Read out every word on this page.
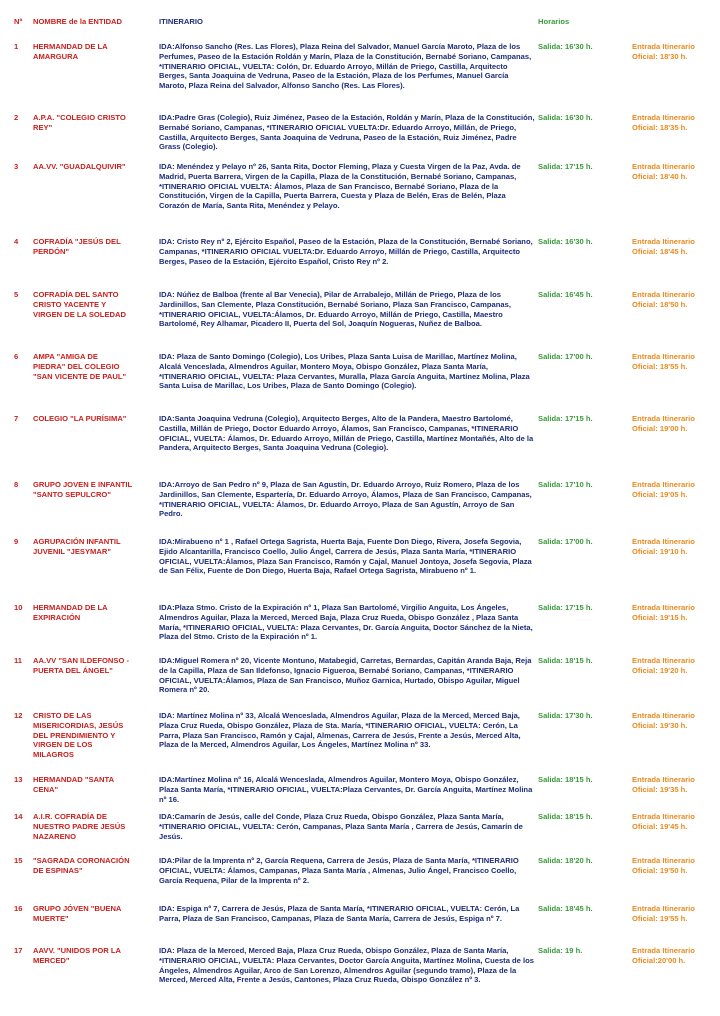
Nº NOMBRE de la ENTIDAD	ITINERARIO	Horarios
1	HERMANDAD DE LA
AMARGURA
IDA:Alfonso Sancho (Res. Las Flores), Plaza Reina del Salvador, Manuel García Maroto, Plaza de los Perfumes, Paseo de la Estación Roldán y Marín, Plaza de la Constitución, Bernabé Soriano, Campanas, *ITINERARIO OFICIAL, VUELTA: Colón, Dr. Eduardo Arroyo, Millán de Priego, Castilla, Arquitecto Berges, Santa Joaquina de Vedruna, Paseo de la Estación, Plaza de los Perfumes, Manuel García Maroto, Plaza Reina del Salvador, Alfonso Sancho (Res. Las Flores).
Salida: 16'30 h.	Entrada Itinerario
Oficial: 18'30 h.
2	A.P.A. "COLEGIO CRISTO
REY"
IDA:Padre Gras (Colegio), Ruiz Jiménez, Paseo de la Estación, Roldán y Marín, Plaza de la Constitución, Bernabé Soriano, Campanas, *ITINERARIO OFICIAL VUELTA:Dr. Eduardo Arroyo, Millán, de Priego, Castilla, Arquitecto Berges, Santa Joaquina de Vedruna, Paseo de la Estación, Ruiz Jiménez, Padre Grass (Colegio).
Salida: 16'30 h.	Entrada Itinerario
Oficial: 18'35 h.
3	AA.VV. "GUADALQUIVIR"	IDA: Menéndez y Pelayo nº 26, Santa Rita, Doctor Fleming, Plaza y Cuesta Virgen de la Paz, Avda. de Madrid, Puerta Barrera, Virgen de la Capilla, Plaza de la Constitución, Bernabé Soriano, Campanas, *ITINERARIO OFICIAL VUELTA: Álamos, Plaza de San Francisco, Bernabé Soriano, Plaza de la Constitución, Virgen de la Capilla, Puerta Barrera, Cuesta y Plaza de Belén, Eras de Belén, Plaza Corazón de María, Santa Rita, Menéndez y Pelayo.
Salida: 17'15 h.	Entrada Itinerario
Oficial: 18'40 h.
4	COFRADÍA "JESÚS DEL
PERDÓN"
IDA: Cristo Rey nº 2, Ejército Español, Paseo de la Estación, Plaza de la Constitución, Bernabé Soriano, Campanas, *ITINERARIO OFICIAL VUELTA:Dr. Eduardo Arroyo, Millán de Priego, Castilla, Arquitecto Berges, Paseo de la Estación, Ejército Español, Cristo Rey nº 2.
Salida: 16'30 h.	Entrada Itinerario
Oficial: 18'45 h.
5	COFRADÍA DEL SANTO
CRISTO YACENTE Y
VIRGEN DE LA SOLEDAD
IDA: Núñez de Balboa (frente al Bar Venecia), Pilar de Arrabalejo, Millán de Priego, Plaza de los Jardinillos, San Clemente, Plaza Constitución, Bernabé Soriano, Plaza San Francisco, Campanas, *ITINERARIO OFICIAL, VUELTA:Álamos, Dr. Eduardo Arroyo, Millán de Priego, Castilla, Maestro Bartolomé, Rey Alhamar, Picadero II, Puerta del Sol, Joaquín Nogueras, Nuñez de Balboa.
Salida: 16'45 h.	Entrada Itinerario
Oficial: 18'50 h.
6	AMPA "AMIGA DE
PIEDRA" DEL COLEGIO
"SAN VICENTE DE PAUL"
IDA: Plaza de Santo Domingo (Colegio), Los Uribes, Plaza Santa Luisa de Marillac, Martínez Molina, Alcalá Venceslada, Almendros Aguilar, Montero Moya, Obispo González, Plaza Santa María, *ITINERARIO OFICIAL, VUELTA: Plaza Cervantes, Muralla, Plaza García Anguita, Martínez Molina, Plaza Santa Luisa de Marillac, Los Uribes, Plaza de Santo Domingo (Colegio).
Salida: 17'00 h.	Entrada Itinerario
Oficial: 18'55 h.
7	COLEGIO "LA PURÍSIMA"	IDA:Santa Joaquina Vedruna (Colegio), Arquitecto Berges, Alto de la Pandera, Maestro Bartolomé, Castilla, Millán de Priego, Doctor Eduardo Arroyo, Álamos, San Francisco, Campanas, *ITINERARIO OFICIAL, VUELTA: Álamos, Dr. Eduardo Arroyo, Millán de Priego, Castilla, Martínez Montañés, Alto de la Pandera, Arquitecto Berges, Santa Joaquina Vedruna (Colegio).
Salida: 17'15 h.	Entrada Itinerario
Oficial: 19'00 h.
8	GRUPO JOVEN E INFANTIL
"SANTO SEPULCRO"
IDA:Arroyo de San Pedro nº 9, Plaza de San Agustín, Dr. Eduardo Arroyo, Ruiz Romero, Plaza de los Jardinillos, San Clemente, Espartería, Dr. Eduardo Arroyo, Álamos, Plaza de San Francisco, Campanas, *ITINERARIO OFICIAL, VUELTA: Álamos, Dr. Eduardo Arroyo, Plaza de San Agustín, Arroyo de San Pedro.
Salida: 17'10 h.	Entrada Itinerario
Oficial: 19'05 h.
9	AGRUPACIÓN INFANTIL
JUVENIL "JESYMAR"
IDA:Mirabueno nº 1 , Rafael Ortega Sagrista, Huerta Baja, Fuente Don Diego, Rivera, Josefa Segovia, Ejido Alcantarilla, Francisco Coello, Julio Ángel, Carrera de Jesús, Plaza Santa María, *ITINERARIO OFICIAL, VUELTA:Álamos, Plaza San Francisco, Ramón y Cajal, Manuel Jontoya, Josefa Segovia, Plaza de San Félix, Fuente de Don Diego, Huerta Baja, Rafael Ortega Sagrista, Mirabueno nº 1.
Salida: 17'00 h.	Entrada Itinerario
Oficial: 19'10 h.
10	HERMANDAD DE LA
EXPIRACIÓN
IDA:Plaza Stmo. Cristo de la Expiración nº 1, Plaza San Bartolomé, Virgilio Anguita, Los Ángeles, Almendros Aguilar, Plaza la Merced, Merced Baja, Plaza Cruz Rueda, Obispo González , Plaza Santa María, *ITINERARIO OFICIAL, VUELTA: Plaza Cervantes, Dr. García Anguita, Doctor Sánchez de la Nieta, Plaza del Stmo. Cristo de la Expiración nº 1.
Salida: 17'15 h.	Entrada Itinerario
Oficial: 19'15 h.
11	AA.VV "SAN ILDEFONSO -
PUERTA DEL ÁNGEL"
IDA:Miguel Romera nº 20, Vicente Montuno, Matabegid, Carretas, Bernardas, Capitán Aranda Baja, Reja de la Capilla, Plaza de San Ildefonso, Ignacio Figueroa, Bernabé Soriano, Campanas, *ITINERARIO OFICIAL, VUELTA:Álamos, Plaza de San Francisco, Muñoz Garnica, Hurtado, Obispo Aguilar, Miguel Romera nº 20.
Salida: 18'15 h.	Entrada Itinerario
Oficial: 19'20 h.
12	CRISTO DE LAS
MISERICORDIAS, JESÚS
DEL PRENDIMIENTO Y
VIRGEN DE LOS
MILAGROS
IDA: Martínez Molina nº 33, Alcalá Wenceslada, Almendros Aguilar, Plaza de la Merced, Merced Baja, Plaza Cruz Rueda, Obispo González, Plaza de Sta. María, *ITINERARIO OFICIAL, VUELTA: Cerón, La Parra, Plaza San Francisco, Ramón y Cajal, Almenas, Carrera de Jesús, Frente a Jesús, Merced Alta, Plaza de la Merced, Almendros Aguilar, Los Ángeles, Martínez Molina nº 33.
Salida: 17'30 h.	Entrada Itinerario
Oficial: 19'30 h.
13	HERMANDAD "SANTA
CENA"
IDA:Martínez Molina nº 16, Alcalá Wenceslada, Almendros Aguilar, Montero Moya, Obispo González, Plaza Santa María, *ITINERARIO OFICIAL, VUELTA:Plaza Cervantes, Dr. García Anguita, Martínez Molina nº 16.
Salida: 18'15 h.	Entrada Itinerario
Oficial: 19'35 h.
14	A.I.R. COFRADÍA DE
NUESTRO PADRE JESÚS
NAZARENO
IDA:Camarín de Jesús, calle del Conde, Plaza Cruz Rueda, Obispo González, Plaza Santa María, *ITINERARIO OFICIAL, VUELTA: Cerón, Campanas, Plaza Santa María , Carrera de Jesús, Camarín de Jesús.
Salida: 18'15 h.	Entrada Itinerario
Oficial: 19'45 h.
15	"SAGRADA CORONACIÓN
DE ESPINAS"
IDA:Pilar de la Imprenta nº 2, García Requena, Carrera de Jesús, Plaza de Santa María, *ITINERARIO OFICIAL, VUELTA: Álamos, Campanas, Plaza Santa María , Almenas, Julio Ángel, Francisco Coello, García Requena, Pilar de la Imprenta nº 2.
Salida: 18'20 h.	Entrada Itinerario
Oficial: 19'50 h.
16	GRUPO JÓVEN "BUENA
MUERTE"
IDA: Espiga nº 7, Carrera de Jesús, Plaza de Santa María, *ITINERARIO OFICIAL, VUELTA: Cerón, La Parra, Plaza de San Francisco, Campanas, Plaza de Santa María, Carrera de Jesús, Espiga nº 7.
Salida: 18'45 h.	Entrada Itinerario
Oficial: 19'55 h.
17	AAVV. "UNIDOS POR LA
MERCED"
IDA: Plaza de la Merced, Merced Baja, Plaza Cruz Rueda, Obispo González, Plaza de Santa María, *ITINERARIO OFICIAL, VUELTA: Plaza Cervantes, Doctor García Anguita, Martínez Molina, Cuesta de los Ángeles, Almendros Aguilar, Arco de San Lorenzo, Almendros Aguilar (segundo tramo), Plaza de la Merced, Merced Alta, Frente a Jesús, Cantones, Plaza Cruz Rueda, Obispo González nº 3.
Salida: 19 h.	Entrada Itinerario
Oficial:20'00 h.
